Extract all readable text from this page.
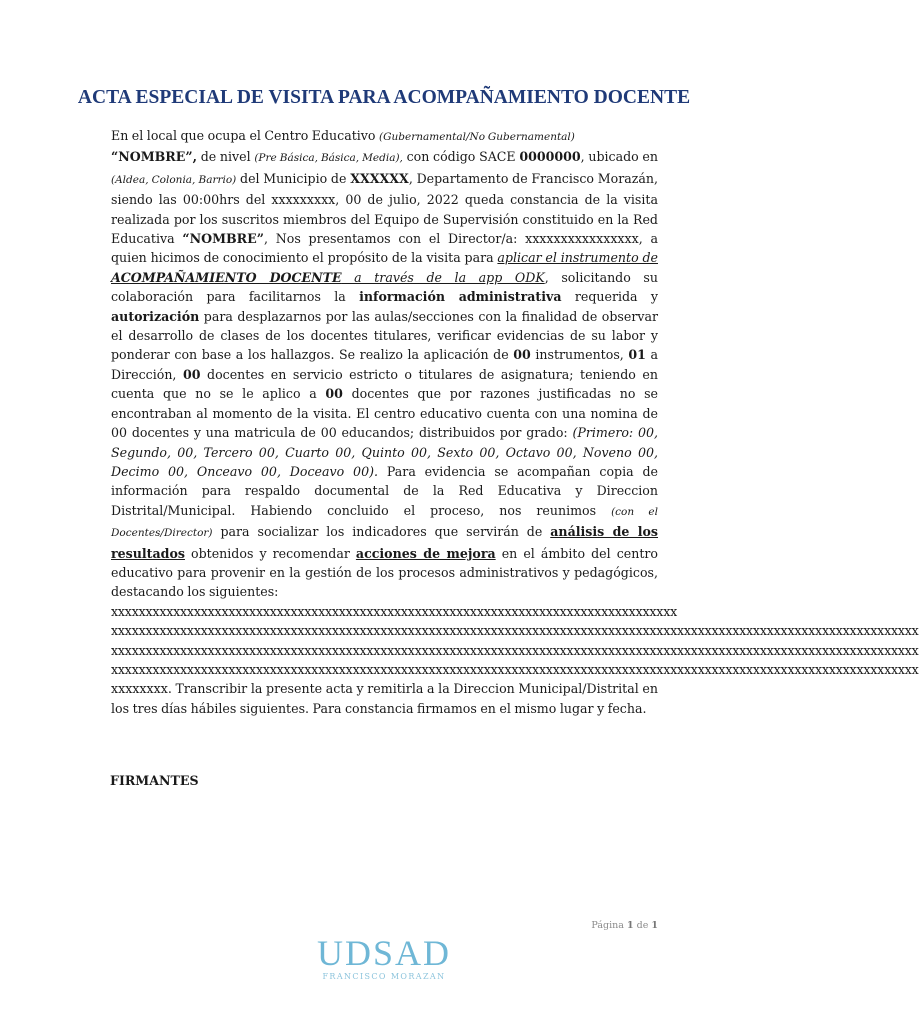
ACTA ESPECIAL DE VISITA PARA ACOMPAÑAMIENTO DOCENTE
En el local que ocupa el Centro Educativo (Gubernamental/No Gubernamental)
“NOMBRE”, de nivel (Pre Básica, Básica, Media), con código SACE 0000000, ubicado en (Aldea, Colonia, Barrio) del Municipio de XXXXXX, Departamento de Francisco Morazán, siendo las 00:00hrs del xxxxxxxxx, 00 de julio, 2022 queda constancia de la visita realizada por los suscritos miembros del Equipo de Supervisión constituido en la Red Educativa “NOMBRE”, Nos presentamos con el Director/a: xxxxxxxxxxxxxxxx, a quien hicimos de conocimiento el propósito de la visita para aplicar el instrumento de ACOMPAÑAMIENTO DOCENTE a través de la app ODK, solicitando su colaboración para facilitarnos la información administrativa requerida y autorización para desplazarnos por las aulas/secciones con la finalidad de observar el desarrollo de clases de los docentes titulares, verificar evidencias de su labor y ponderar con base a los hallazgos. Se realizo la aplicación de 00 instrumentos, 01 a Dirección, 00 docentes en servicio estricto o titulares de asignatura; teniendo en cuenta que no se le aplico a 00 docentes que por razones justificadas no se encontraban al momento de la visita. El centro educativo cuenta con una nomina de 00 docentes y una matricula de 00 educandos; distribuidos por grado: (Primero: 00, Segundo, 00, Tercero 00, Cuarto 00, Quinto 00, Sexto 00, Octavo 00, Noveno 00, Decimo 00, Onceavo 00, Doceavo 00). Para evidencia se acompañan copia de información para respaldo documental de la Red Educativa y Direccion Distrital/Municipal. Habiendo concluido el proceso, nos reunimos (con el Docentes/Director) para socializar los indicadores que servirán de análisis de los resultados obtenidos y recomendar acciones de mejora en el ámbito del centro educativo para provenir en la gestión de los procesos administrativos y pedagógicos, destacando los siguientes:
xxxxxxxxxxxxxxxxxxxxxxxxxxxxxxxxxxxxxxxxxxxxxxxxxxxxxxxxxxxxxxxxxxxxxxxxxxxxxxxxxx
xxxxxxxxxxxxxxxxxxxxxxxxxxxxxxxxxxxxxxxxxxxxxxxxxxxxxxxxxxxxxxxxxxxxxxxxxxxxxxxxxxxxxxxxxxxxxxxxxxxxxxxxxxxxxxxxxxxxx
xxxxxxxxxxxxxxxxxxxxxxxxxxxxxxxxxxxxxxxxxxxxxxxxxxxxxxxxxxxxxxxxxxxxxxxxxxxxxxxxxxxxxxxxxxxxxxxxxxxxxxxxxxxxxxxxxxxxx
xxxxxxxxxxxxxxxxxxxxxxxxxxxxxxxxxxxxxxxxxxxxxxxxxxxxxxxxxxxxxxxxxxxxxxxxxxxxxxxxxxxxxxxxxxxxxxxxxxxxxxxxxxxxxxxxxxxxx
xxxxxxxx. Transcribir la presente acta y remitirla a la Direccion Municipal/Distrital en los tres días hábiles siguientes. Para constancia firmamos en el mismo lugar y fecha.
FIRMANTES
Página 1 de 1
UDSAD
FRANCISCO MORAZAN
